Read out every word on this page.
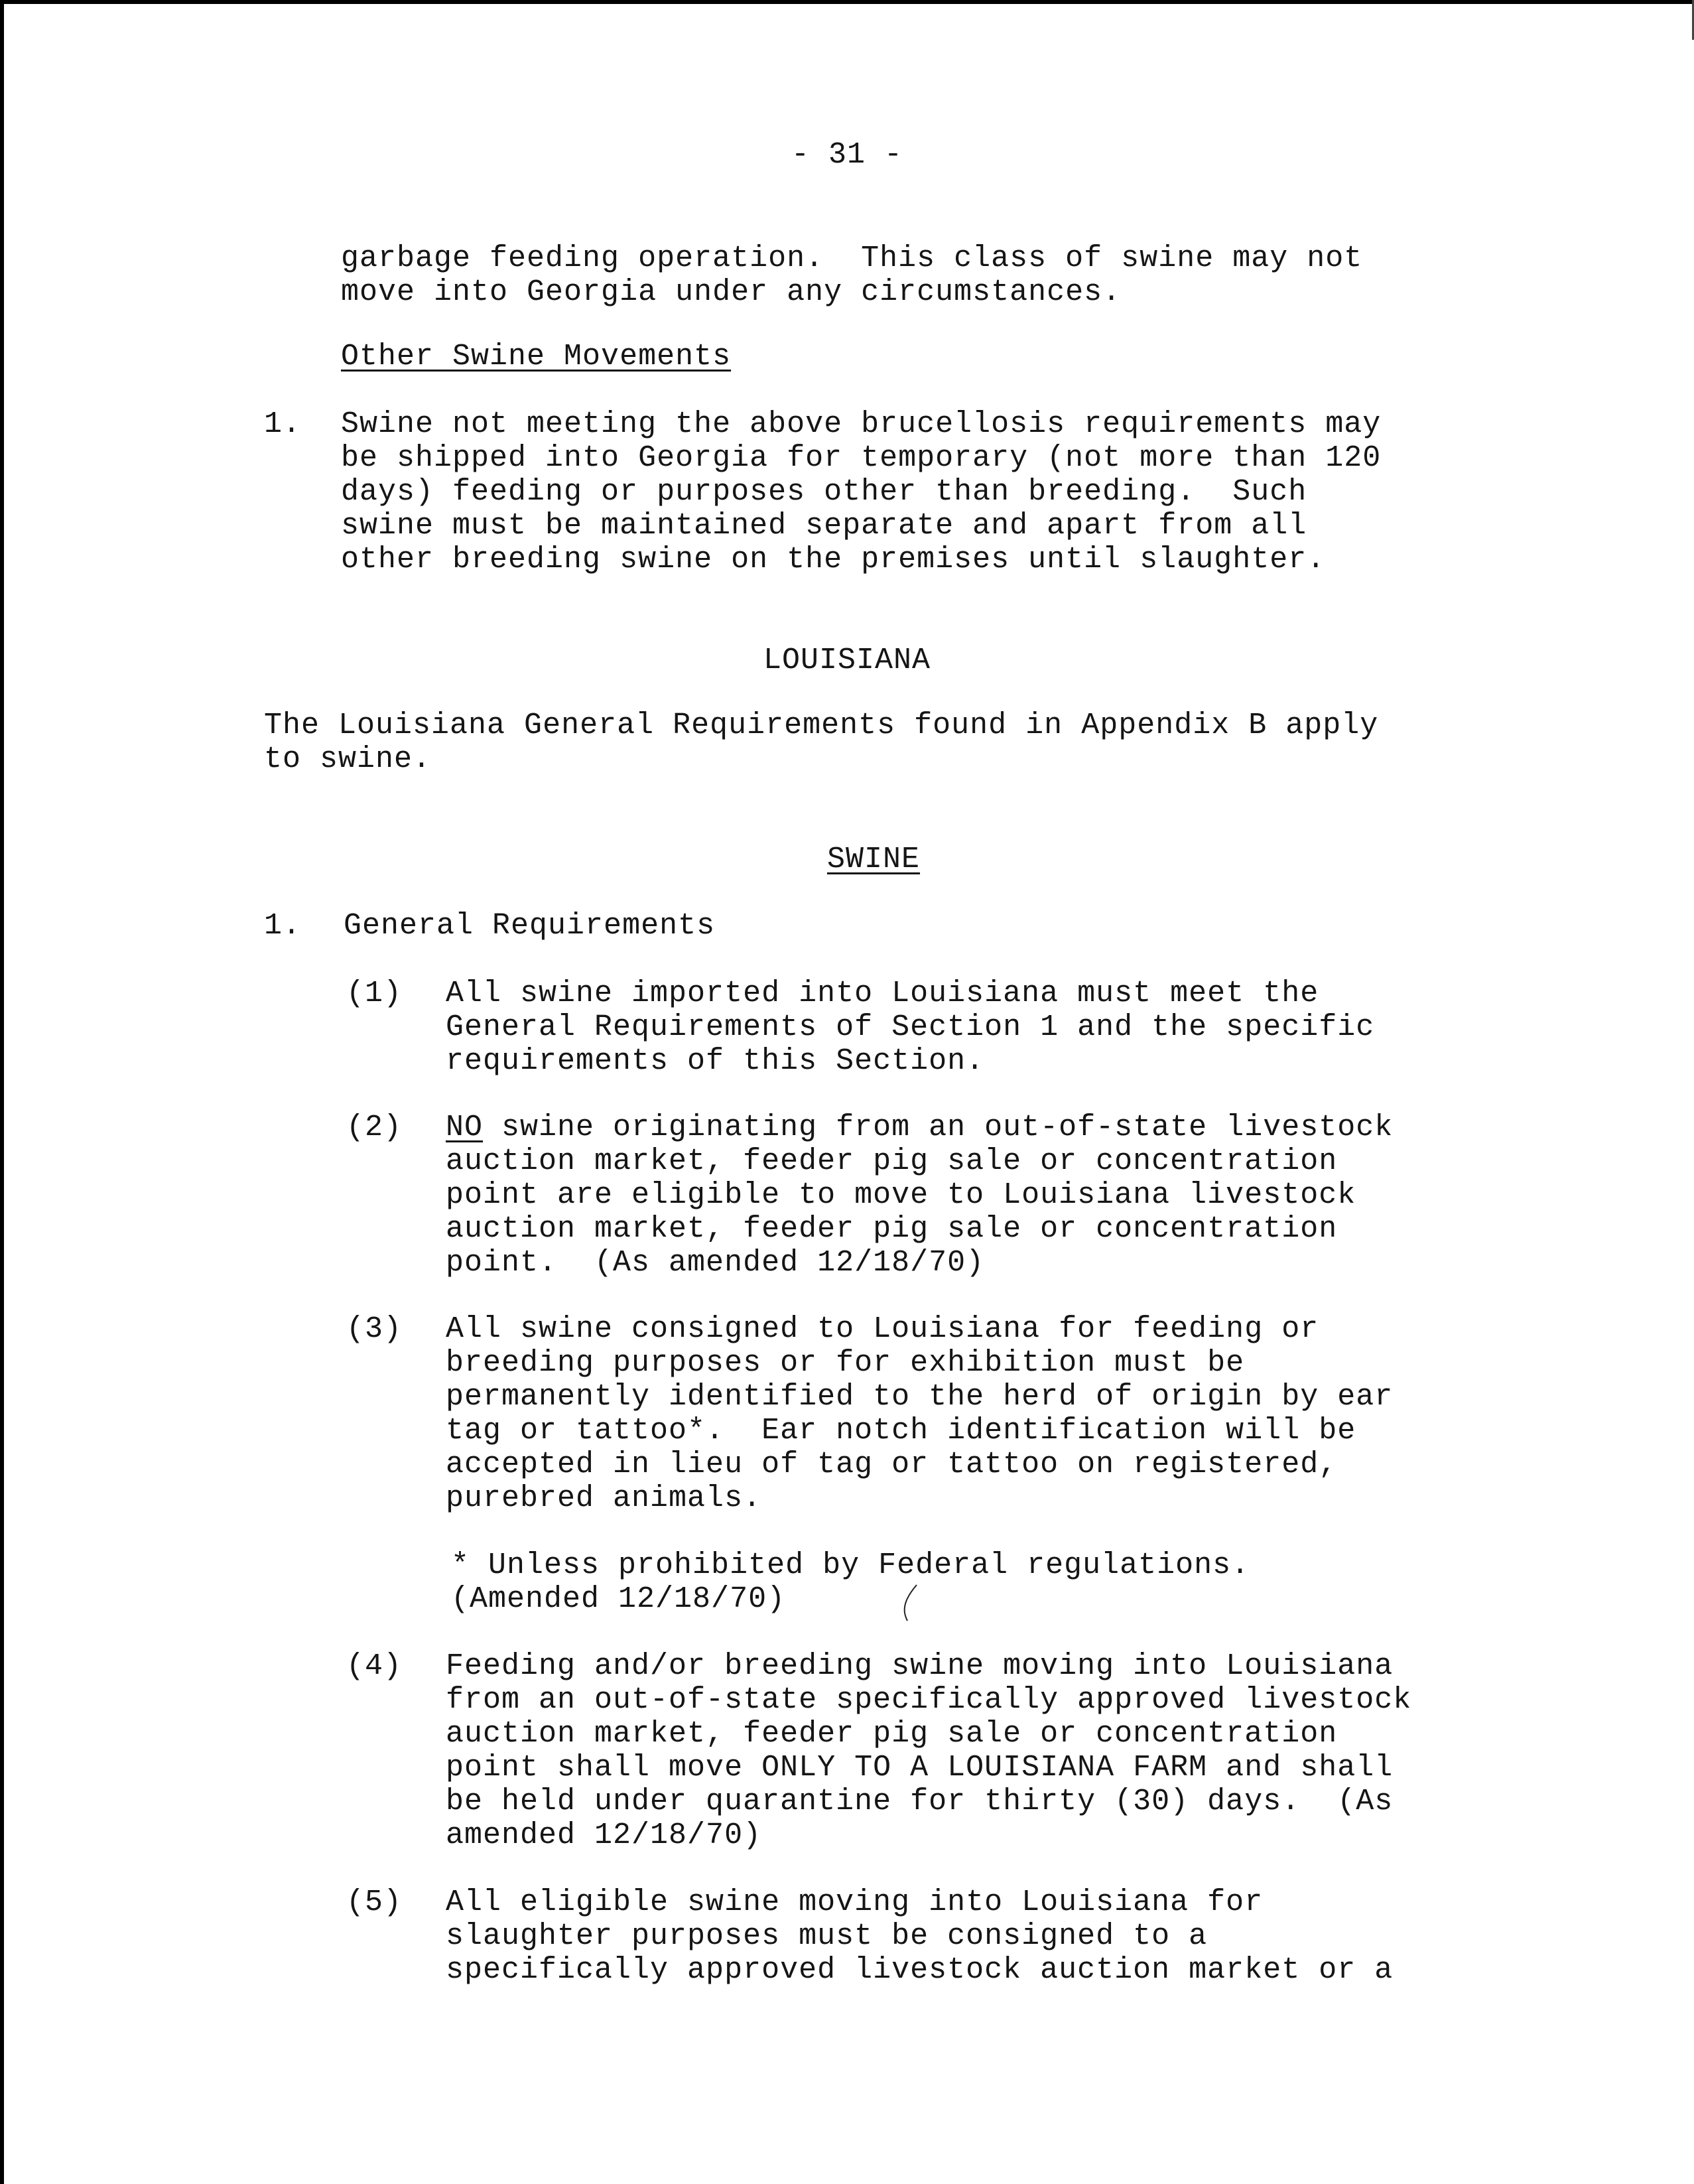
- 31 -
garbage feeding operation.  This class of swine may not
move into Georgia under any circumstances.
Other Swine Movements
1. Swine not meeting the above brucellosis requirements may
be shipped into Georgia for temporary (not more than 120
days) feeding or purposes other than breeding.  Such
swine must be maintained separate and apart from all
other breeding swine on the premises until slaughter.
LOUISIANA
The Louisiana General Requirements found in Appendix B apply
to swine.
SWINE
1. General Requirements
(1) All swine imported into Louisiana must meet the
General Requirements of Section 1 and the specific
requirements of this Section.
(2) NO swine originating from an out-of-state livestock
auction market, feeder pig sale or concentration
point are eligible to move to Louisiana livestock
auction market, feeder pig sale or concentration
point.  (As amended 12/18/70)
(3) All swine consigned to Louisiana for feeding or
breeding purposes or for exhibition must be
permanently identified to the herd of origin by ear
tag or tattoo*.  Ear notch identification will be
accepted in lieu of tag or tattoo on registered,
purebred animals.
* Unless prohibited by Federal regulations.
(Amended 12/18/70)
(4) Feeding and/or breeding swine moving into Louisiana
from an out-of-state specifically approved livestock
auction market, feeder pig sale or concentration
point shall move ONLY TO A LOUISIANA FARM and shall
be held under quarantine for thirty (30) days.  (As
amended 12/18/70)
(5) All eligible swine moving into Louisiana for
slaughter purposes must be consigned to a
specifically approved livestock auction market or a
